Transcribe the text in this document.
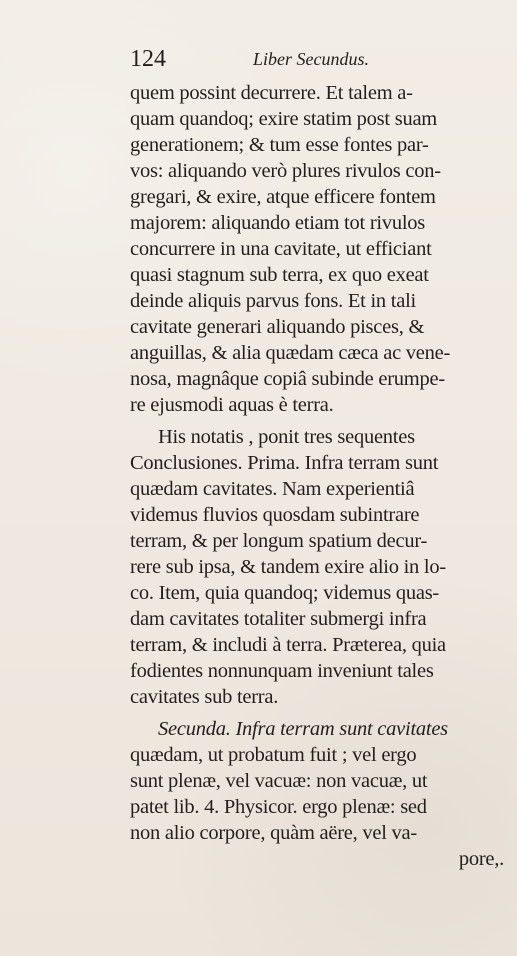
124	Liber Secundus.
quem possint decurrere. Et talem a-
quam quandoq; exire statim post suam
generationem; & tum esse fontes par-
vos: aliquando verò plures rivulos con-
gregari, & exire, atque efficere fontem
majorem: aliquando etiam tot rivulos
concurrere in una cavitate, ut efficiant
quasi stagnum sub terra, ex quo exeat
deinde aliquis parvus fons. Et in tali
cavitate generari aliquando pisces, &
anguillas, & alia quædam cæca ac vene-
nosa, magnâque copiâ subinde erumpe-
re ejusmodi aquas è terra.
His notatis , ponit tres sequentes
Conclusiones. Prima. Infra terram sunt
quædam cavitates. Nam experientiâ
videmus fluvios quosdam subintrare
terram, & per longum spatium decur-
rere sub ipsa, & tandem exire alio in lo-
co. Item, quia quandoq; videmus quas-
dam cavitates totaliter submergi infra
terram, & includi à terra. Præterea, quia
fodientes nonnunquam inveniunt tales
cavitates sub terra.
Secunda. Infra terram sunt cavitates
quædam, ut probatum fuit ; vel ergo
sunt plenæ, vel vacuæ: non vacuæ, ut
patet lib. 4. Physicor. ergo plenæ: sed
non alio corpore, quàm aëre, vel va-
pore,.
